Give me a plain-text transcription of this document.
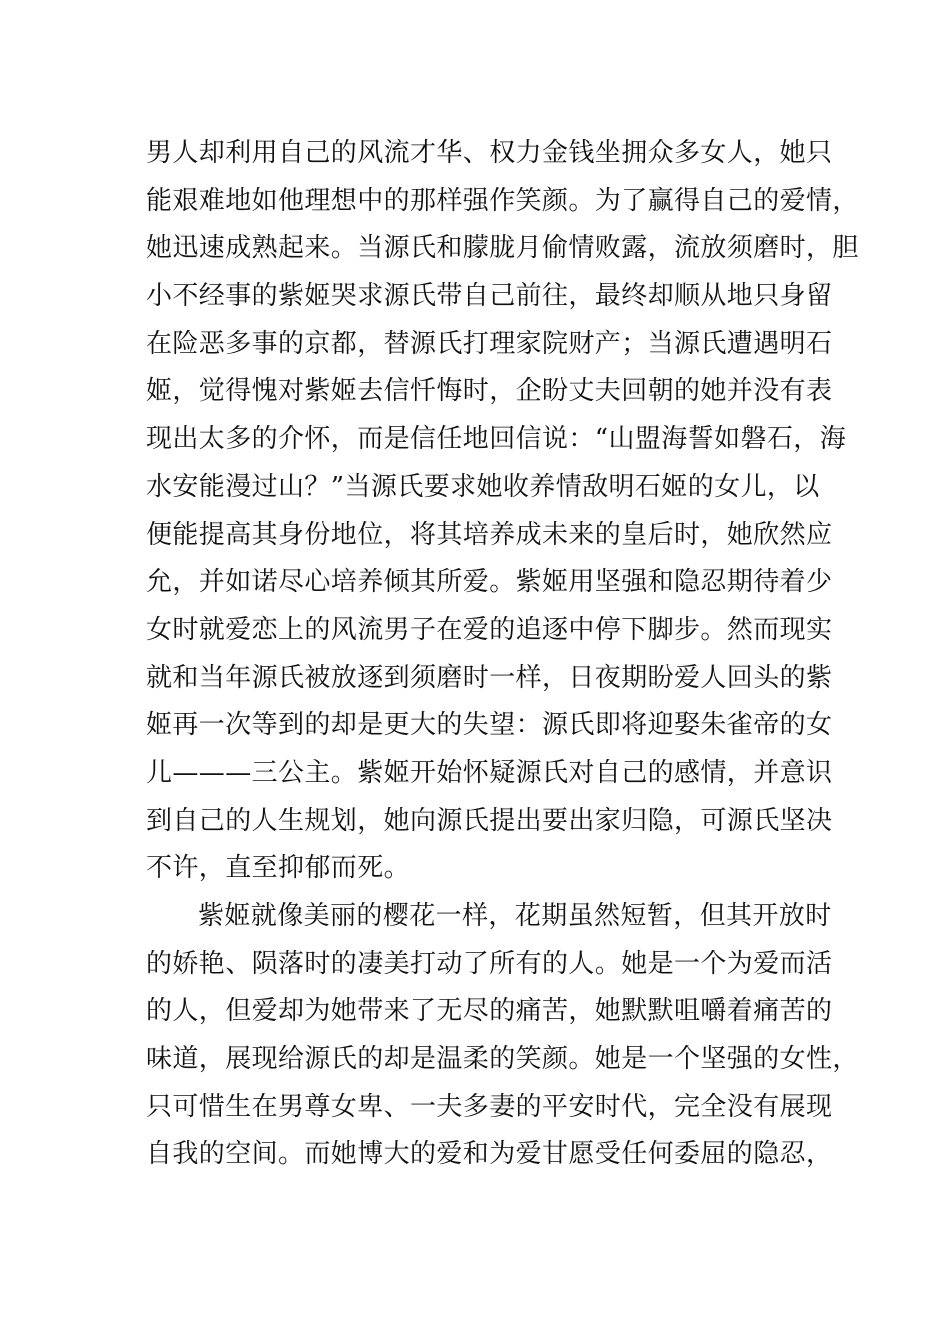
男人却利用自己的风流才华、权力金钱坐拥众多女人，她只
能艰难地如他理想中的那样强作笑颜。为了赢得自己的爱情，
她迅速成熟起来。当源氏和朦胧月偷情败露，流放须磨时，胆
小不经事的紫姬哭求源氏带自己前往，最终却顺从地只身留
在险恶多事的京都，替源氏打理家院财产；当源氏遭遇明石
姬，觉得愧对紫姬去信忏悔时，企盼丈夫回朝的她并没有表
现出太多的介怀，而是信任地回信说：“山盟海誓如磐石，海
水安能漫过山？”当源氏要求她收养情敌明石姬的女儿，以
便能提高其身份地位，将其培养成未来的皇后时，她欣然应
允，并如诺尽心培养倾其所爱。紫姬用坚强和隐忍期待着少
女时就爱恋上的风流男子在爱的追逐中停下脚步。然而现实
就和当年源氏被放逐到须磨时一样，日夜期盼爱人回头的紫
姬再一次等到的却是更大的失望：源氏即将迎娶朱雀帝的女
儿———三公主。紫姬开始怀疑源氏对自己的感情，并意识
到自己的人生规划，她向源氏提出要出家归隐，可源氏坚决
不许，直至抑郁而死。
紫姬就像美丽的樱花一样，花期虽然短暂，但其开放时
的娇艳、陨落时的凄美打动了所有的人。她是一个为爱而活
的人，但爱却为她带来了无尽的痛苦，她默默咀嚼着痛苦的
味道，展现给源氏的却是温柔的笑颜。她是一个坚强的女性，
只可惜生在男尊女卑、一夫多妻的平安时代，完全没有展现
自我的空间。而她博大的爱和为爱甘愿受任何委屈的隐忍，
